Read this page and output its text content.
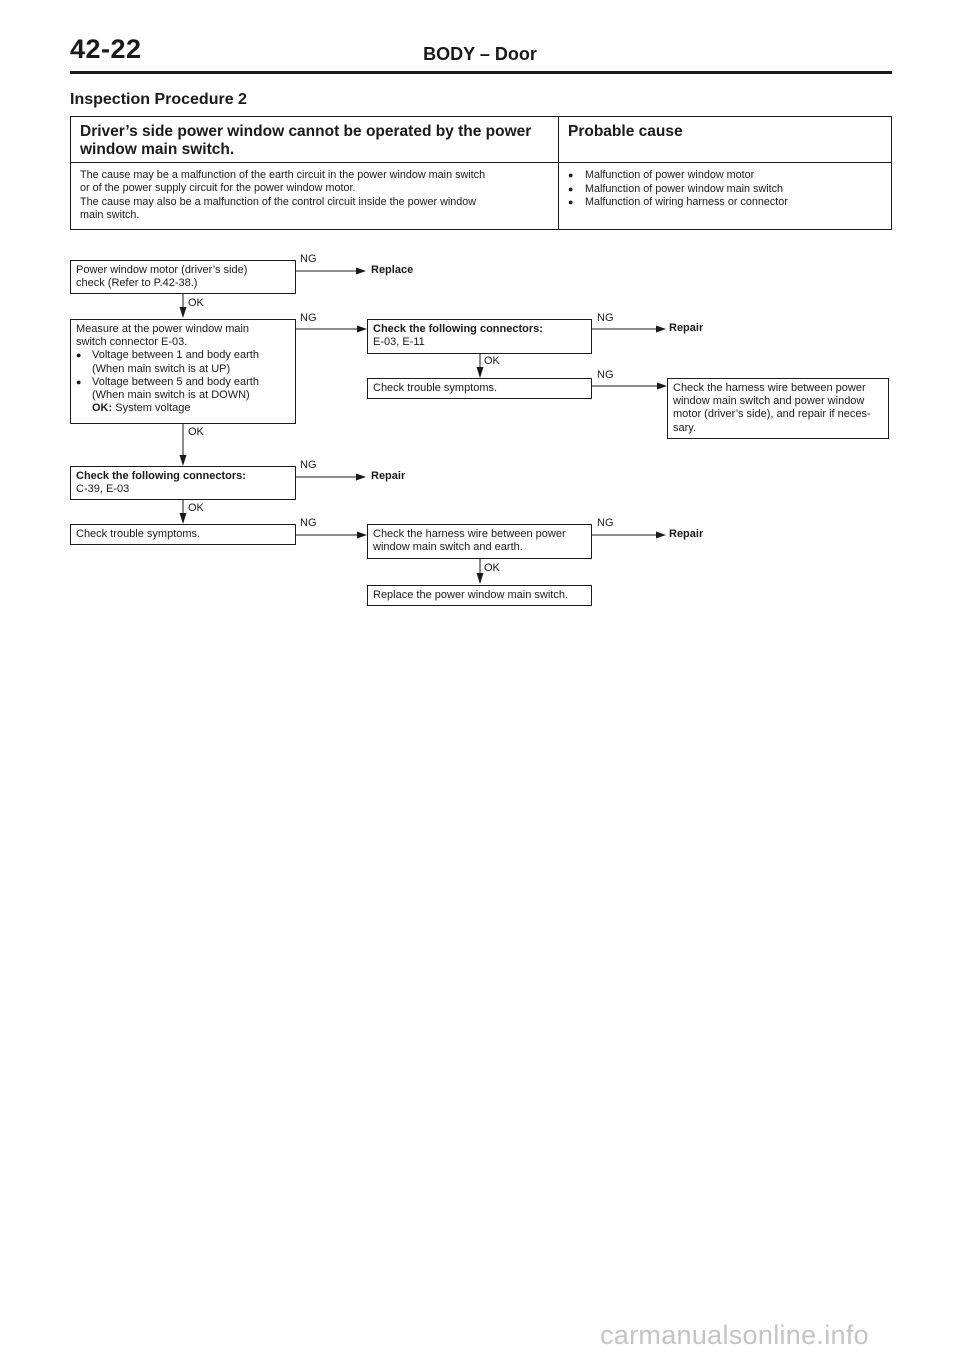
42-22	BODY – Door
Inspection Procedure 2
Driver’s side power window cannot be operated by the power window main switch.
Probable cause
The cause may be a malfunction of the earth circuit in the power window main switch
or of the power supply circuit for the power window motor.
The cause may also be a malfunction of the control circuit inside the power window
main switch.
● Malfunction of power window motor
● Malfunction of power window main switch
● Malfunction of wiring harness or connector
Power window motor (driver’s side)
check (Refer to P.42-38.)
NG
Replace
OK
Measure at the power window main
switch connector E-03.
● Voltage between 1 and body earth
(When main switch is at UP)
● Voltage between 5 and body earth
(When main switch is at DOWN)
OK: System voltage
NG
Check the following connectors:
E-03, E-11
NG
Repair
OK
Check trouble symptoms.
NG
Check the harness wire between power
window main switch and power window
motor (driver’s side), and repair if neces-
sary.
OK
Check the following connectors:
C-39, E-03
NG
Repair
OK
Check trouble symptoms.
NG
Check the harness wire between power
window main switch and earth.
NG
Repair
OK
Replace the power window main switch.
carmanualsonline.info
